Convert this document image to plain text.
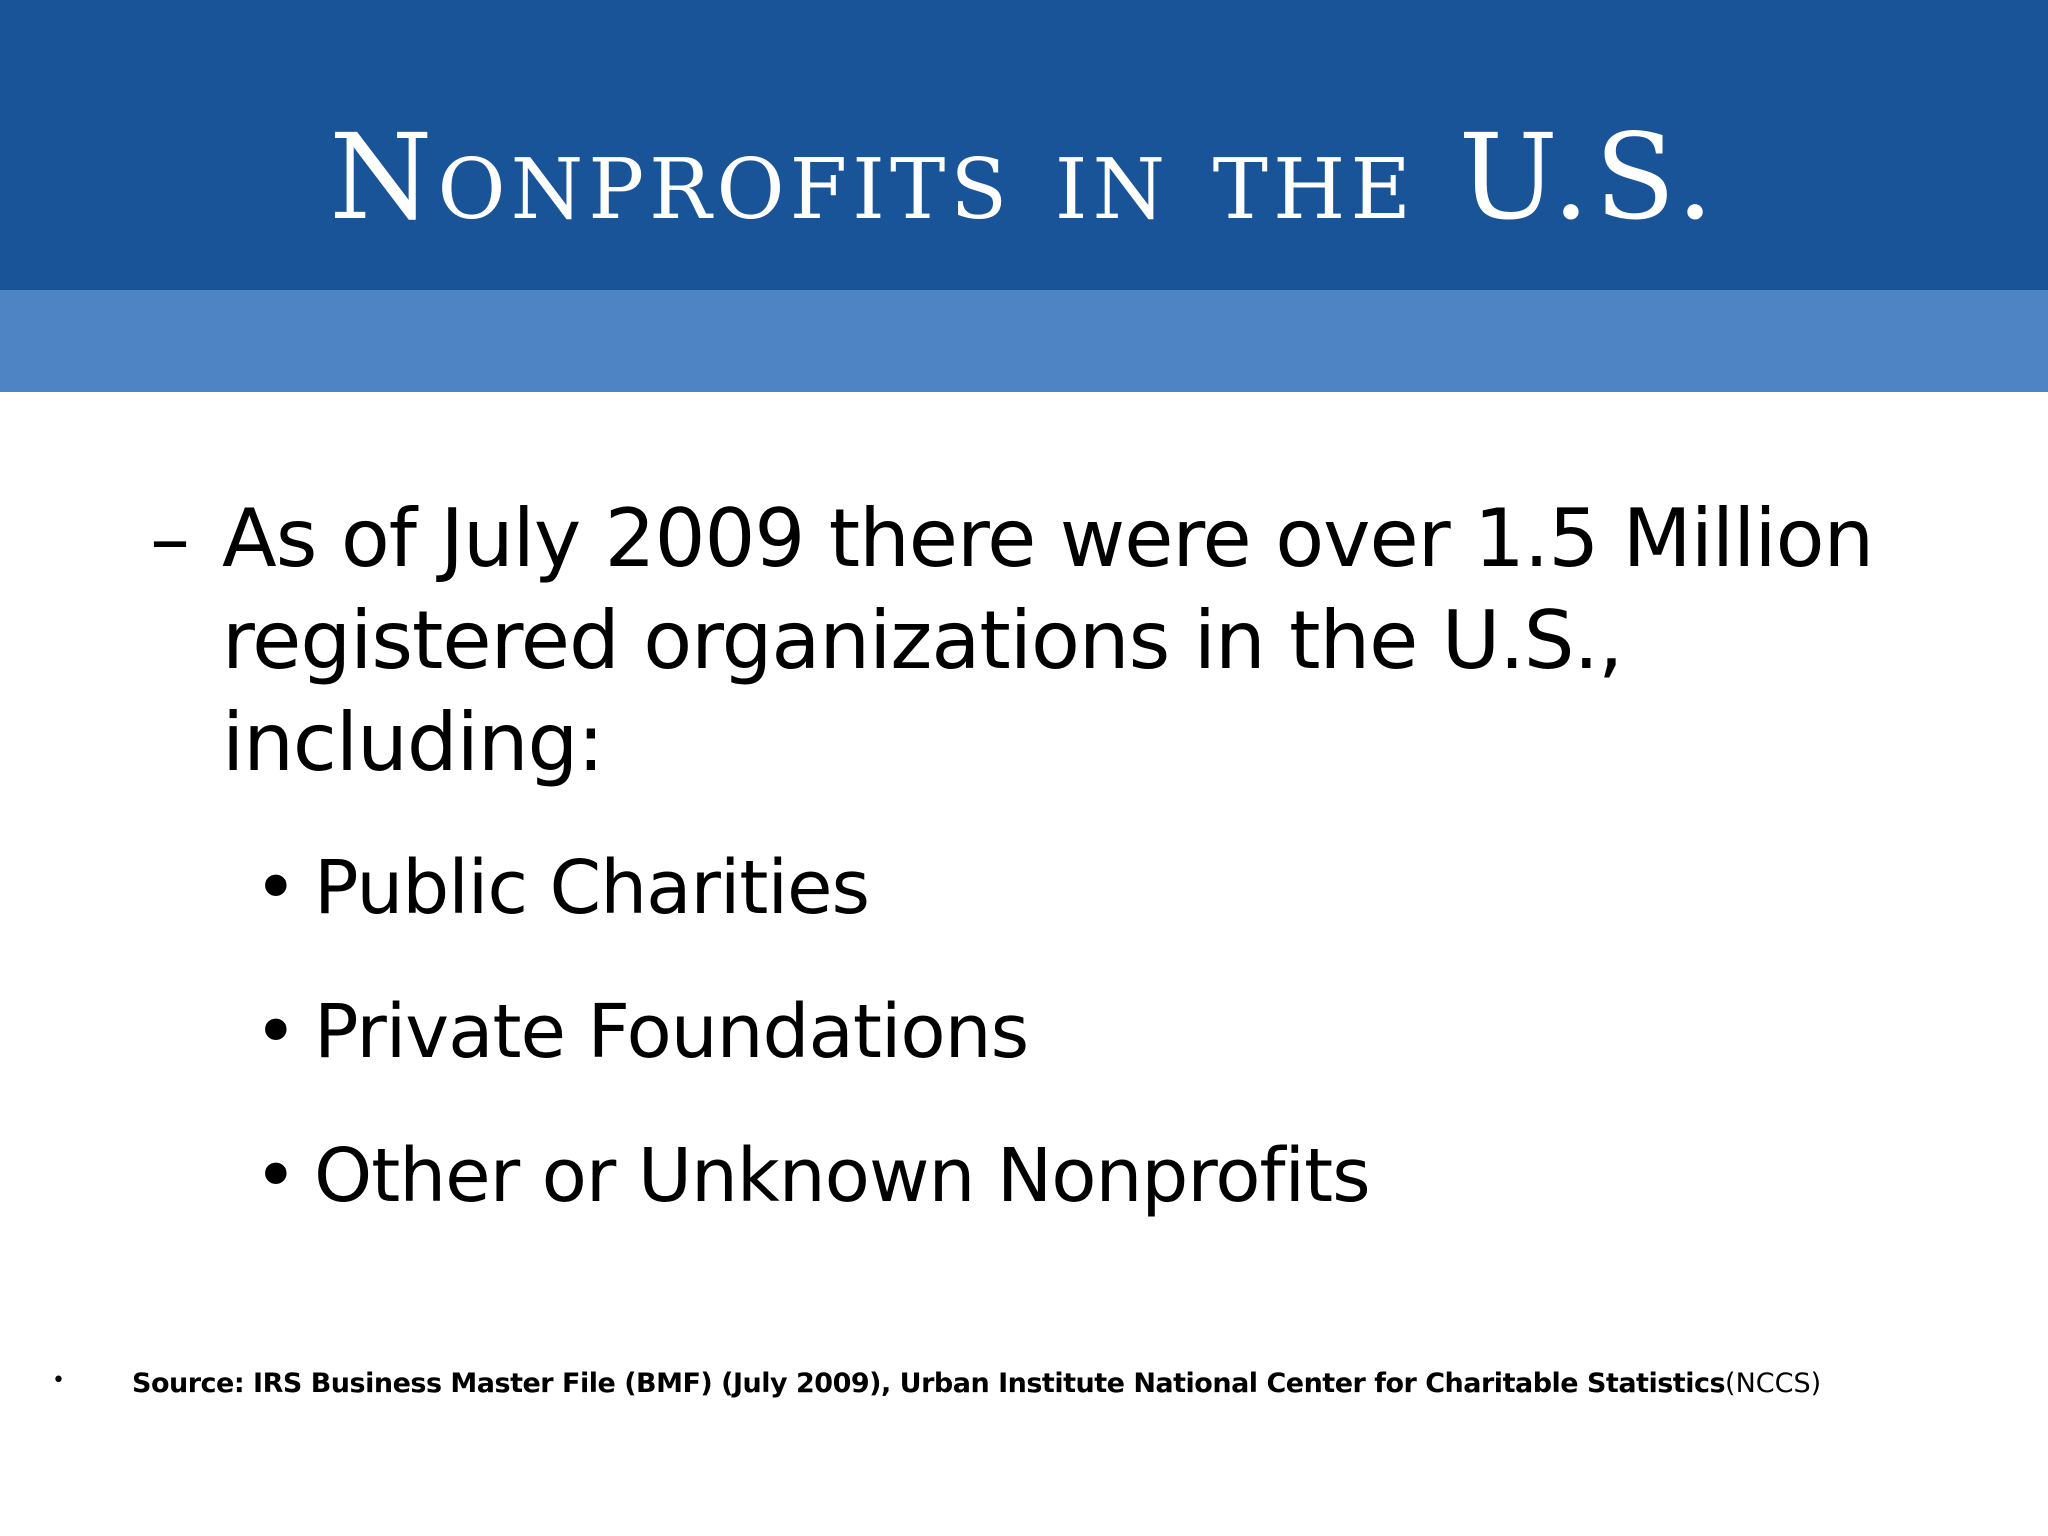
Nonprofits in the U.S.
– As of July 2009 there were over 1.5 Million registered organizations in the U.S., including:
• Public Charities
• Private Foundations
• Other or Unknown Nonprofits
• Source: IRS Business Master File (BMF) (July 2009), Urban Institute National Center for Charitable Statistics(NCCS)
